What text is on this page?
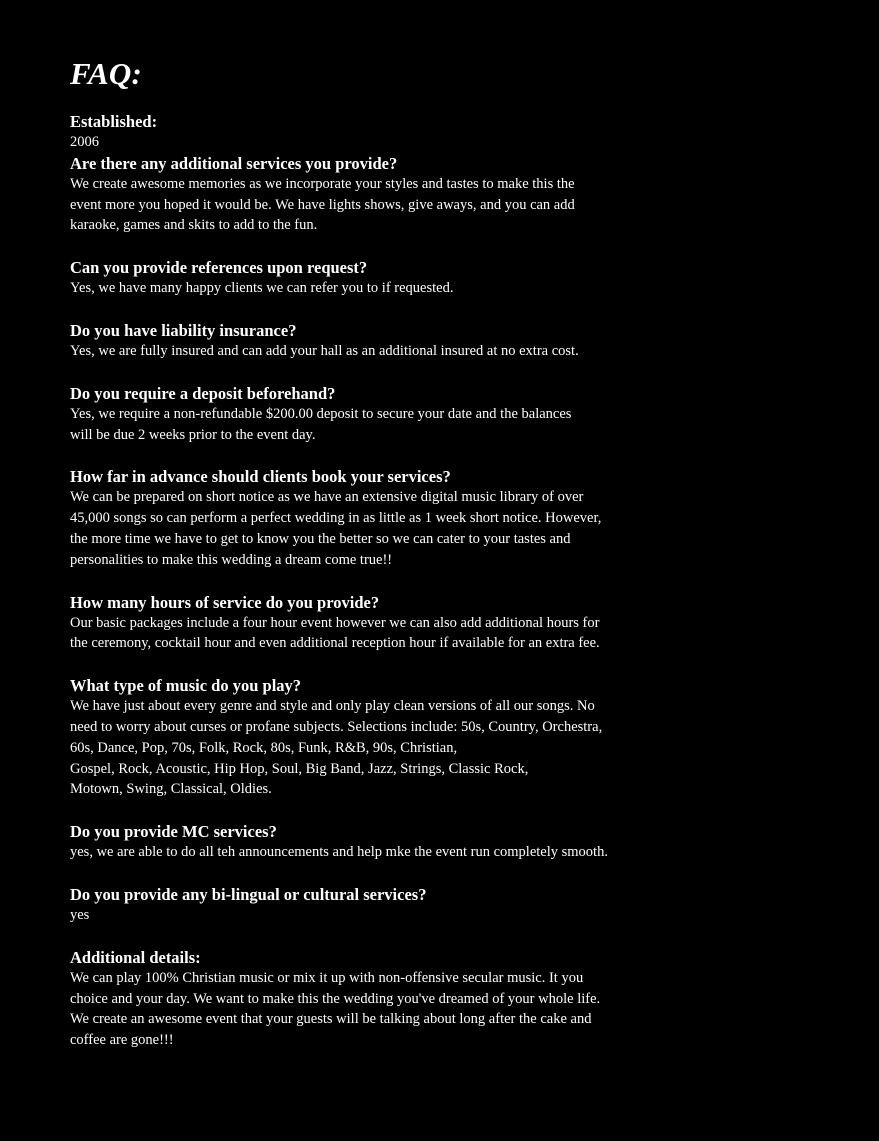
FAQ:

Established:

2006

Are there any additional services you provide?

We create awesome memories as we incorporate your styles and tastes to make this the
event more you hoped it would be. We have lights shows, give aways, and you can add
karaoke, games and skits to add to the fun.

Can you provide references upon request?

Yes, we have many happy clients we can refer you to if requested.

Do you have liability insurance?

Yes, we are fully insured and can add your hall as an additional insured at no extra cost.

Do you require a deposit beforehand?

Yes, we require a non-refundable $200.00 deposit to secure your date and the balances
will be due 2 weeks prior to the event day.

How far in advance should clients book your services?

We can be prepared on short notice as we have an extensive digital music library of over
45,000 songs so can perform a perfect wedding in as little as 1 week short notice. However,
the more time we have to get to know you the better so we can cater to your tastes and
personalities to make this wedding a dream come true!!

How many hours of service do you provide?

Our basic packages include a four hour event however we can also add additional hours for
the ceremony, cocktail hour and even additional reception hour if available for an extra fee.

What type of music do you play?

We have just about every genre and style and only play clean versions of all our songs. No
need to worry about curses or profane subjects. Selections include: 50s, Country, Orchestra,
60s, Dance, Pop, 70s, Folk, Rock, 80s, Funk, R&B, 90s, Christian,
Gospel, Rock, Acoustic, Hip Hop, Soul, Big Band, Jazz, Strings, Classic Rock,
Motown, Swing, Classical, Oldies.

Do you provide MC services?

yes, we are able to do all teh announcements and help mke the event run completely smooth.

Do you provide any bi-lingual or cultural services?

yes

Additional details:

We can play 100% Christian music or mix it up with non-offensive secular music. It you
choice and your day. We want to make this the wedding you've dreamed of your whole life.
We create an awesome event that your guests will be talking about long after the cake and
coffee are gone!!!
